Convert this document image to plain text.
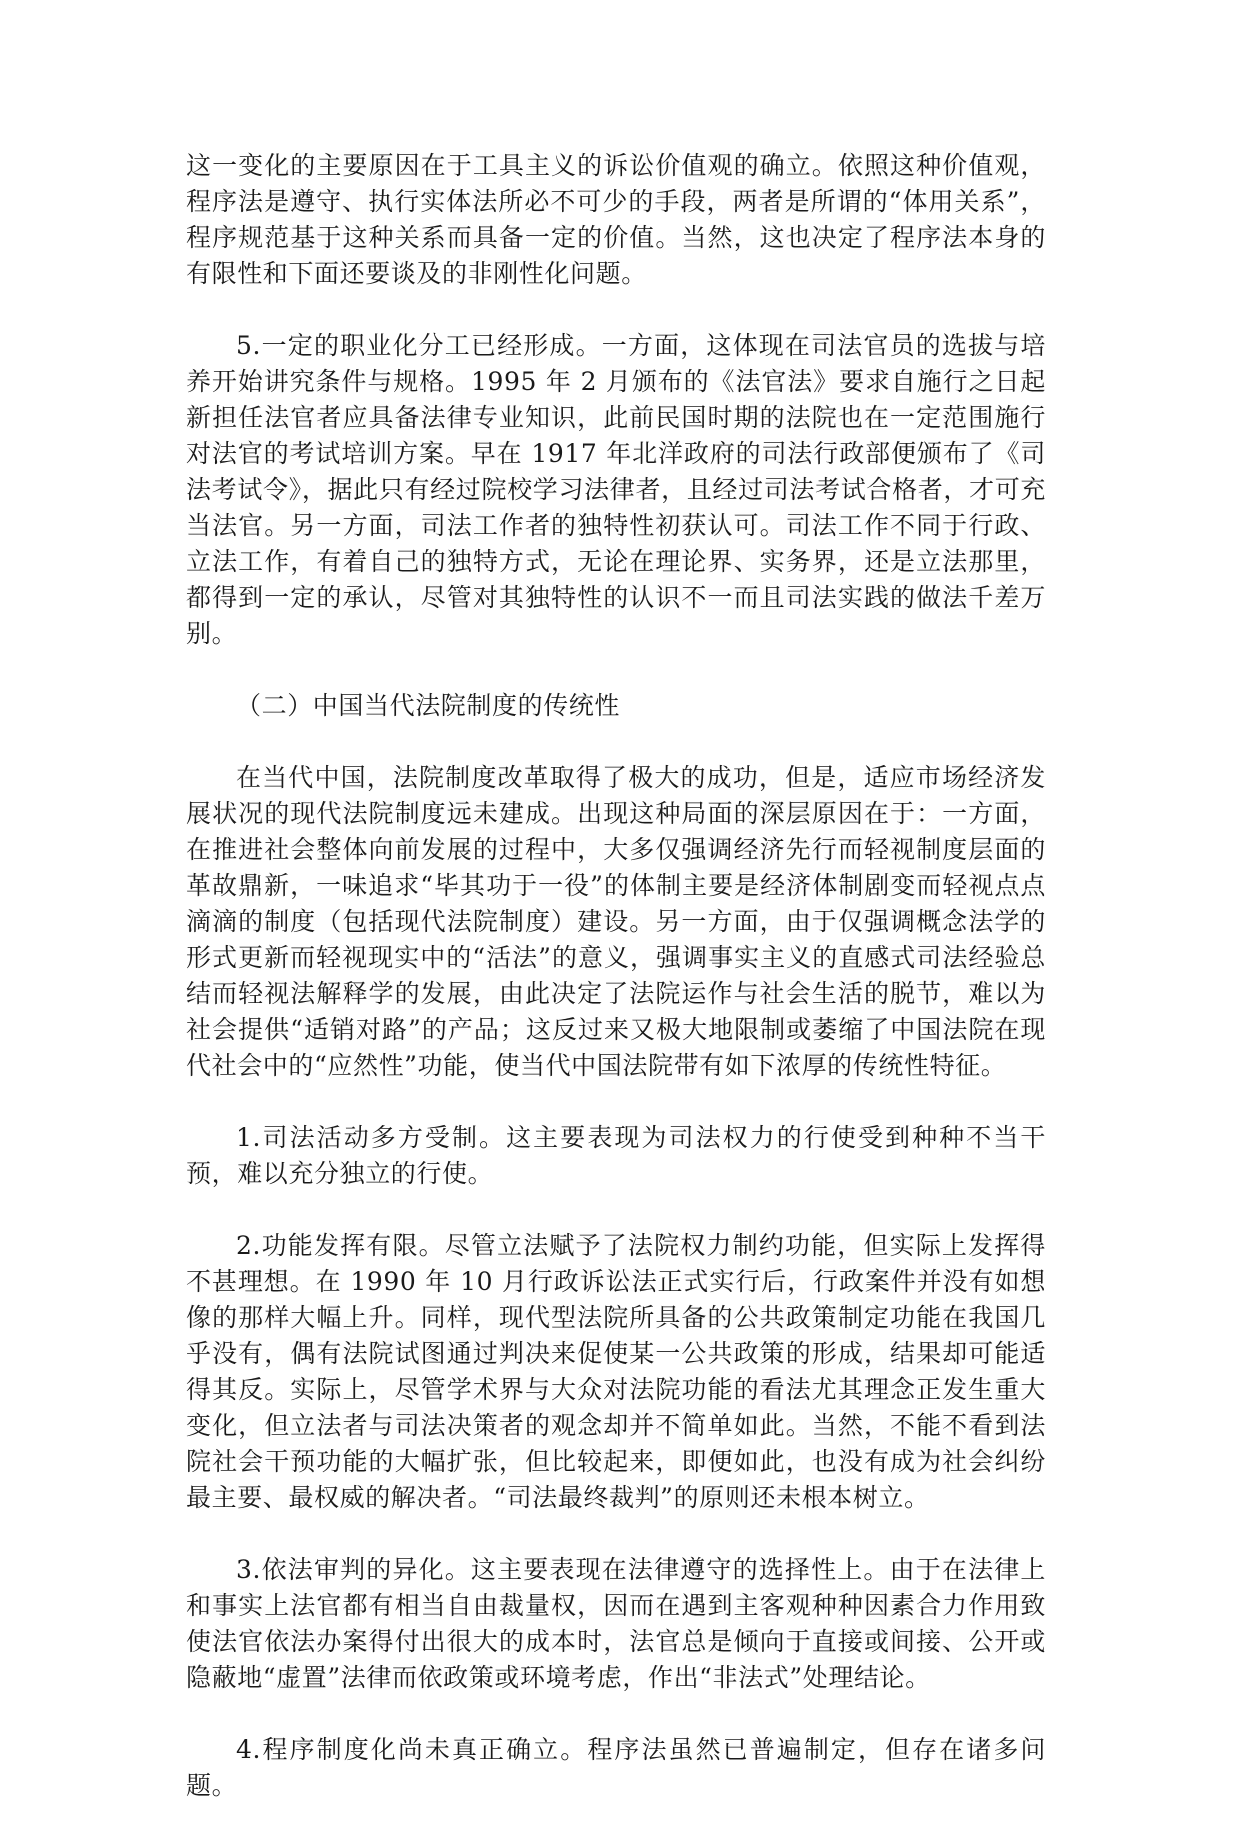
这一变化的主要原因在于工具主义的诉讼价值观的确立。依照这种价值观，程序法是遵守、执行实体法所必不可少的手段，两者是所谓的“体用关系”，程序规范基于这种关系而具备一定的价值。当然，这也决定了程序法本身的有限性和下面还要谈及的非刚性化问题。

5.一定的职业化分工已经形成。一方面，这体现在司法官员的选拔与培养开始讲究条件与规格。1995 年 2 月颁布的《法官法》要求自施行之日起新担任法官者应具备法律专业知识，此前民国时期的法院也在一定范围施行对法官的考试培训方案。早在 1917 年北洋政府的司法行政部便颁布了《司法考试令》，据此只有经过院校学习法律者，且经过司法考试合格者，才可充当法官。另一方面，司法工作者的独特性初获认可。司法工作不同于行政、立法工作，有着自己的独特方式，无论在理论界、实务界，还是立法那里，都得到一定的承认，尽管对其独特性的认识不一而且司法实践的做法千差万别。

（二）中国当代法院制度的传统性

在当代中国，法院制度改革取得了极大的成功，但是，适应市场经济发展状况的现代法院制度远未建成。出现这种局面的深层原因在于：一方面，在推进社会整体向前发展的过程中，大多仅强调经济先行而轻视制度层面的革故鼎新，一味追求“毕其功于一役”的体制主要是经济体制剧变而轻视点点滴滴的制度（包括现代法院制度）建设。另一方面，由于仅强调概念法学的形式更新而轻视现实中的“活法”的意义，强调事实主义的直感式司法经验总结而轻视法解释学的发展，由此决定了法院运作与社会生活的脱节，难以为社会提供“适销对路”的产品；这反过来又极大地限制或萎缩了中国法院在现代社会中的“应然性”功能，使当代中国法院带有如下浓厚的传统性特征。

1.司法活动多方受制。这主要表现为司法权力的行使受到种种不当干预，难以充分独立的行使。

2.功能发挥有限。尽管立法赋予了法院权力制约功能，但实际上发挥得不甚理想。在 1990 年 10 月行政诉讼法正式实行后，行政案件并没有如想像的那样大幅上升。同样，现代型法院所具备的公共政策制定功能在我国几乎没有，偶有法院试图通过判决来促使某一公共政策的形成，结果却可能适得其反。实际上，尽管学术界与大众对法院功能的看法尤其理念正发生重大变化，但立法者与司法决策者的观念却并不简单如此。当然，不能不看到法院社会干预功能的大幅扩张，但比较起来，即便如此，也没有成为社会纠纷最主要、最权威的解决者。“司法最终裁判”的原则还未根本树立。

3.依法审判的异化。这主要表现在法律遵守的选择性上。由于在法律上和事实上法官都有相当自由裁量权，因而在遇到主客观种种因素合力作用致使法官依法办案得付出很大的成本时，法官总是倾向于直接或间接、公开或隐蔽地“虚置”法律而依政策或环境考虑，作出“非法式”处理结论。

4.程序制度化尚未真正确立。程序法虽然已普遍制定，但存在诸多问题。
